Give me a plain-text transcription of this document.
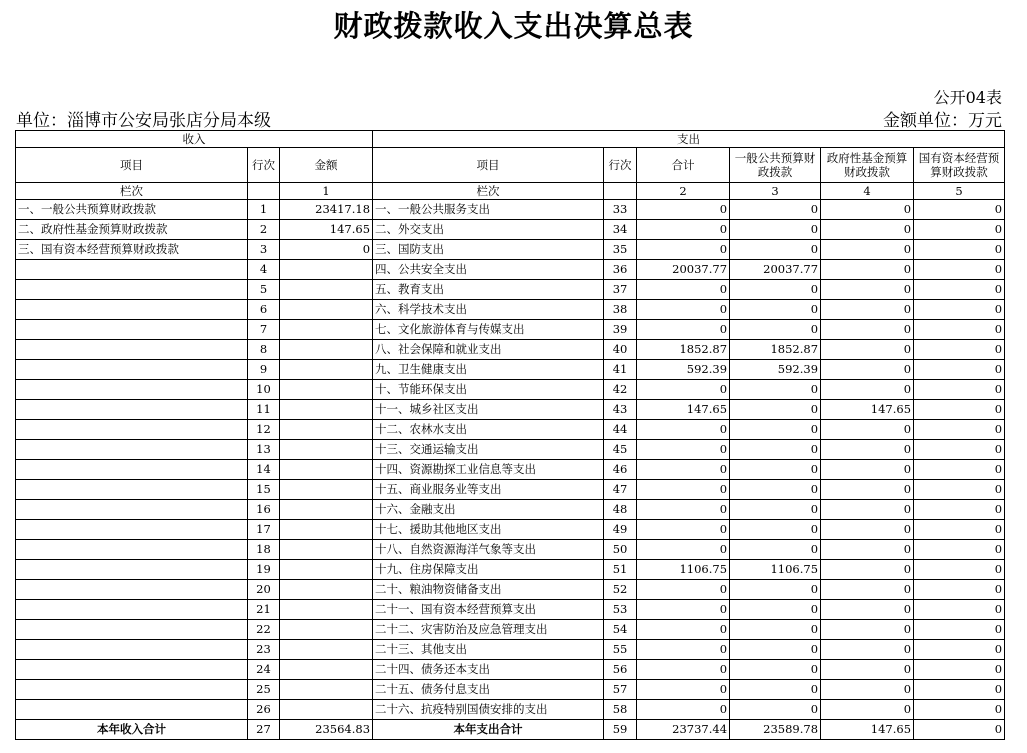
财政拨款收入支出决算总表
公开04表
单位：淄博市公安局张店分局本级	金额单位：万元
收入			支出					
项目	行次	金额	项目	行次	合计	一般公共预算财政拨款	政府性基金预算财政拨款	国有资本经营预算财政拨款
栏次		1	栏次		2	3	4	5
一、一般公共预算财政拨款	1	23417.18	一、一般公共服务支出	33	0	0	0	0
二、政府性基金预算财政拨款	2	147.65	二、外交支出	34	0	0	0	0
三、国有资本经营预算财政拨款	3	0	三、国防支出	35	0	0	0	0
	4		四、公共安全支出	36	20037.77	20037.77	0	0
	5		五、教育支出	37	0	0	0	0
	6		六、科学技术支出	38	0	0	0	0
	7		七、文化旅游体育与传媒支出	39	0	0	0	0
	8		八、社会保障和就业支出	40	1852.87	1852.87	0	0
	9		九、卫生健康支出	41	592.39	592.39	0	0
	10		十、节能环保支出	42	0	0	0	0
	11		十一、城乡社区支出	43	147.65	0	147.65	0
	12		十二、农林水支出	44	0	0	0	0
	13		十三、交通运输支出	45	0	0	0	0
	14		十四、资源勘探工业信息等支出	46	0	0	0	0
	15		十五、商业服务业等支出	47	0	0	0	0
	16		十六、金融支出	48	0	0	0	0
	17		十七、援助其他地区支出	49	0	0	0	0
	18		十八、自然资源海洋气象等支出	50	0	0	0	0
	19		十九、住房保障支出	51	1106.75	1106.75	0	0
	20		二十、粮油物资储备支出	52	0	0	0	0
	21		二十一、国有资本经营预算支出	53	0	0	0	0
	22		二十二、灾害防治及应急管理支出	54	0	0	0	0
	23		二十三、其他支出	55	0	0	0	0
	24		二十四、债务还本支出	56	0	0	0	0
	25		二十五、债务付息支出	57	0	0	0	0
	26		二十六、抗疫特别国债安排的支出	58	0	0	0	0
本年收入合计	27	23564.83	本年支出合计	59	23737.44	23589.78	147.65	0
